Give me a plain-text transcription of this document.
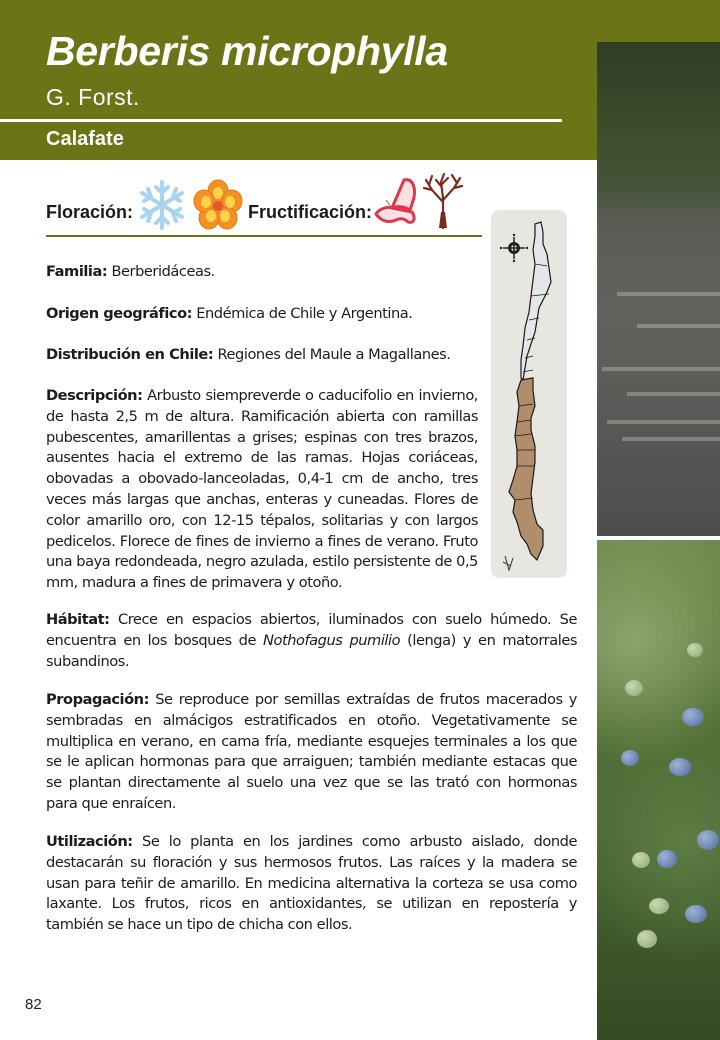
Berberis microphylla
G. Forst.
Calafate
Floración:	Fructificación:

Familia: Berberidáceas.

Origen geográfico: Endémica de Chile y Argentina.

Distribución en Chile: Regiones del Maule a Magallanes.

Descripción: Arbusto siempreverde o caducifolio en invierno, de hasta 2,5 m de altura. Ramificación abierta con ramillas pubescentes, amarillentas a grises; espinas con tres brazos, ausentes hacia el extremo de las ramas. Hojas coriáceas, obovadas a obovado-lanceoladas, 0,4-1 cm de ancho, tres veces más largas que anchas, enteras y cuneadas. Flores de color amarillo oro, con 12-15 tépalos, solitarias y con largos pedicelos. Florece de fines de invierno a fines de verano. Fruto una baya redondeada, negro azulada, estilo persistente de 0,5 mm, madura a fines de primavera y otoño.

Hábitat: Crece en espacios abiertos, iluminados con suelo húmedo. Se encuentra en los bosques de Nothofagus pumilio (lenga) y en matorrales subandinos.

Propagación: Se reproduce por semillas extraídas de frutos macerados y sembradas en almácigos estratificados en otoño. Vegetativamente se multiplica en verano, en cama fría, mediante esquejes terminales a los que se le aplican hormonas para que arraiguen; también mediante estacas que se plantan directamente al suelo una vez que se las trató con hormonas para que enraícen.

Utilización: Se lo planta en los jardines como arbusto aislado, donde destacarán su floración y sus hermosos frutos. Las raíces y la madera se usan para teñir de amarillo. En medicina alternativa la corteza se usa como laxante. Los frutos, ricos en antioxidantes, se utilizan en repostería y también se hace un tipo de chicha con ellos.

82
